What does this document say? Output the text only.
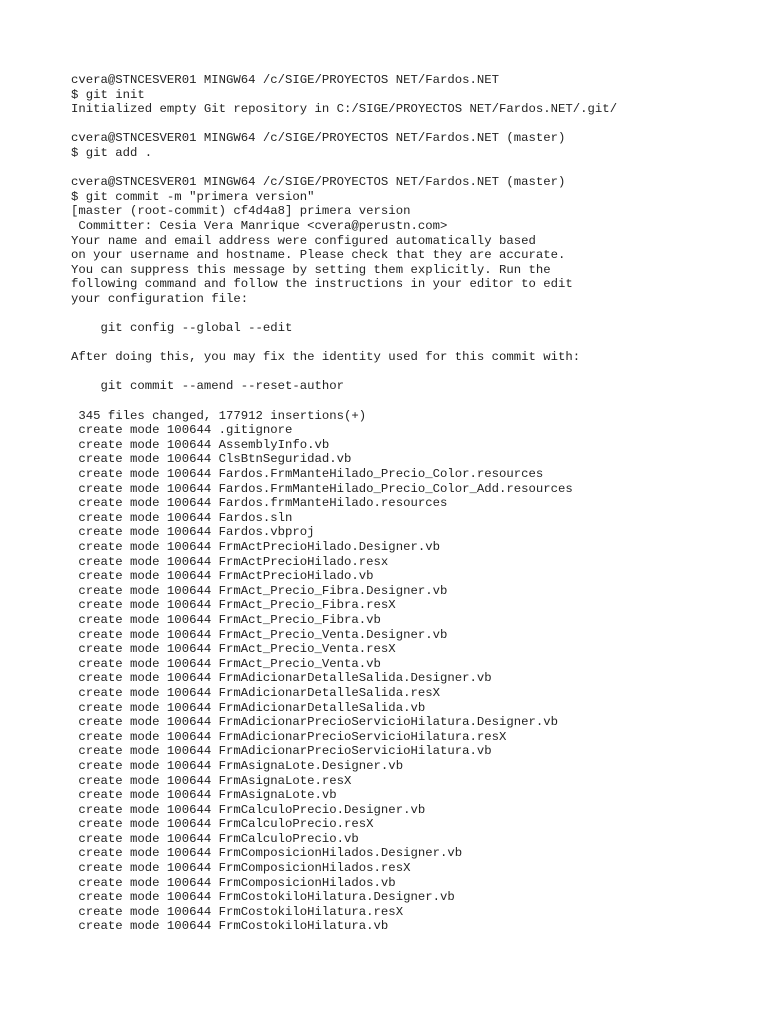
cvera@STNCESVER01 MINGW64 /c/SIGE/PROYECTOS NET/Fardos.NET
$ git init
Initialized empty Git repository in C:/SIGE/PROYECTOS NET/Fardos.NET/.git/
cvera@STNCESVER01 MINGW64 /c/SIGE/PROYECTOS NET/Fardos.NET (master)
$ git add .
cvera@STNCESVER01 MINGW64 /c/SIGE/PROYECTOS NET/Fardos.NET (master)
$ git commit -m "primera version"
[master (root-commit) cf4d4a8] primera version
Committer: Cesia Vera Manrique <cvera@perustn.com>
Your name and email address were configured automatically based
on your username and hostname. Please check that they are accurate.
You can suppress this message by setting them explicitly. Run the
following command and follow the instructions in your editor to edit
your configuration file:
git config --global --edit
After doing this, you may fix the identity used for this commit with:
git commit --amend --reset-author
345 files changed, 177912 insertions(+)
create mode 100644 .gitignore
create mode 100644 AssemblyInfo.vb
create mode 100644 ClsBtnSeguridad.vb
create mode 100644 Fardos.FrmManteHilado_Precio_Color.resources
create mode 100644 Fardos.FrmManteHilado_Precio_Color_Add.resources
create mode 100644 Fardos.frmManteHilado.resources
create mode 100644 Fardos.sln
create mode 100644 Fardos.vbproj
create mode 100644 FrmActPrecioHilado.Designer.vb
create mode 100644 FrmActPrecioHilado.resx
create mode 100644 FrmActPrecioHilado.vb
create mode 100644 FrmAct_Precio_Fibra.Designer.vb
create mode 100644 FrmAct_Precio_Fibra.resX
create mode 100644 FrmAct_Precio_Fibra.vb
create mode 100644 FrmAct_Precio_Venta.Designer.vb
create mode 100644 FrmAct_Precio_Venta.resX
create mode 100644 FrmAct_Precio_Venta.vb
create mode 100644 FrmAdicionarDetalleSalida.Designer.vb
create mode 100644 FrmAdicionarDetalleSalida.resX
create mode 100644 FrmAdicionarDetalleSalida.vb
create mode 100644 FrmAdicionarPrecioServicioHilatura.Designer.vb
create mode 100644 FrmAdicionarPrecioServicioHilatura.resX
create mode 100644 FrmAdicionarPrecioServicioHilatura.vb
create mode 100644 FrmAsignaLote.Designer.vb
create mode 100644 FrmAsignaLote.resX
create mode 100644 FrmAsignaLote.vb
create mode 100644 FrmCalculoPrecio.Designer.vb
create mode 100644 FrmCalculoPrecio.resX
create mode 100644 FrmCalculoPrecio.vb
create mode 100644 FrmComposicionHilados.Designer.vb
create mode 100644 FrmComposicionHilados.resX
create mode 100644 FrmComposicionHilados.vb
create mode 100644 FrmCostokiloHilatura.Designer.vb
create mode 100644 FrmCostokiloHilatura.resX
create mode 100644 FrmCostokiloHilatura.vb
